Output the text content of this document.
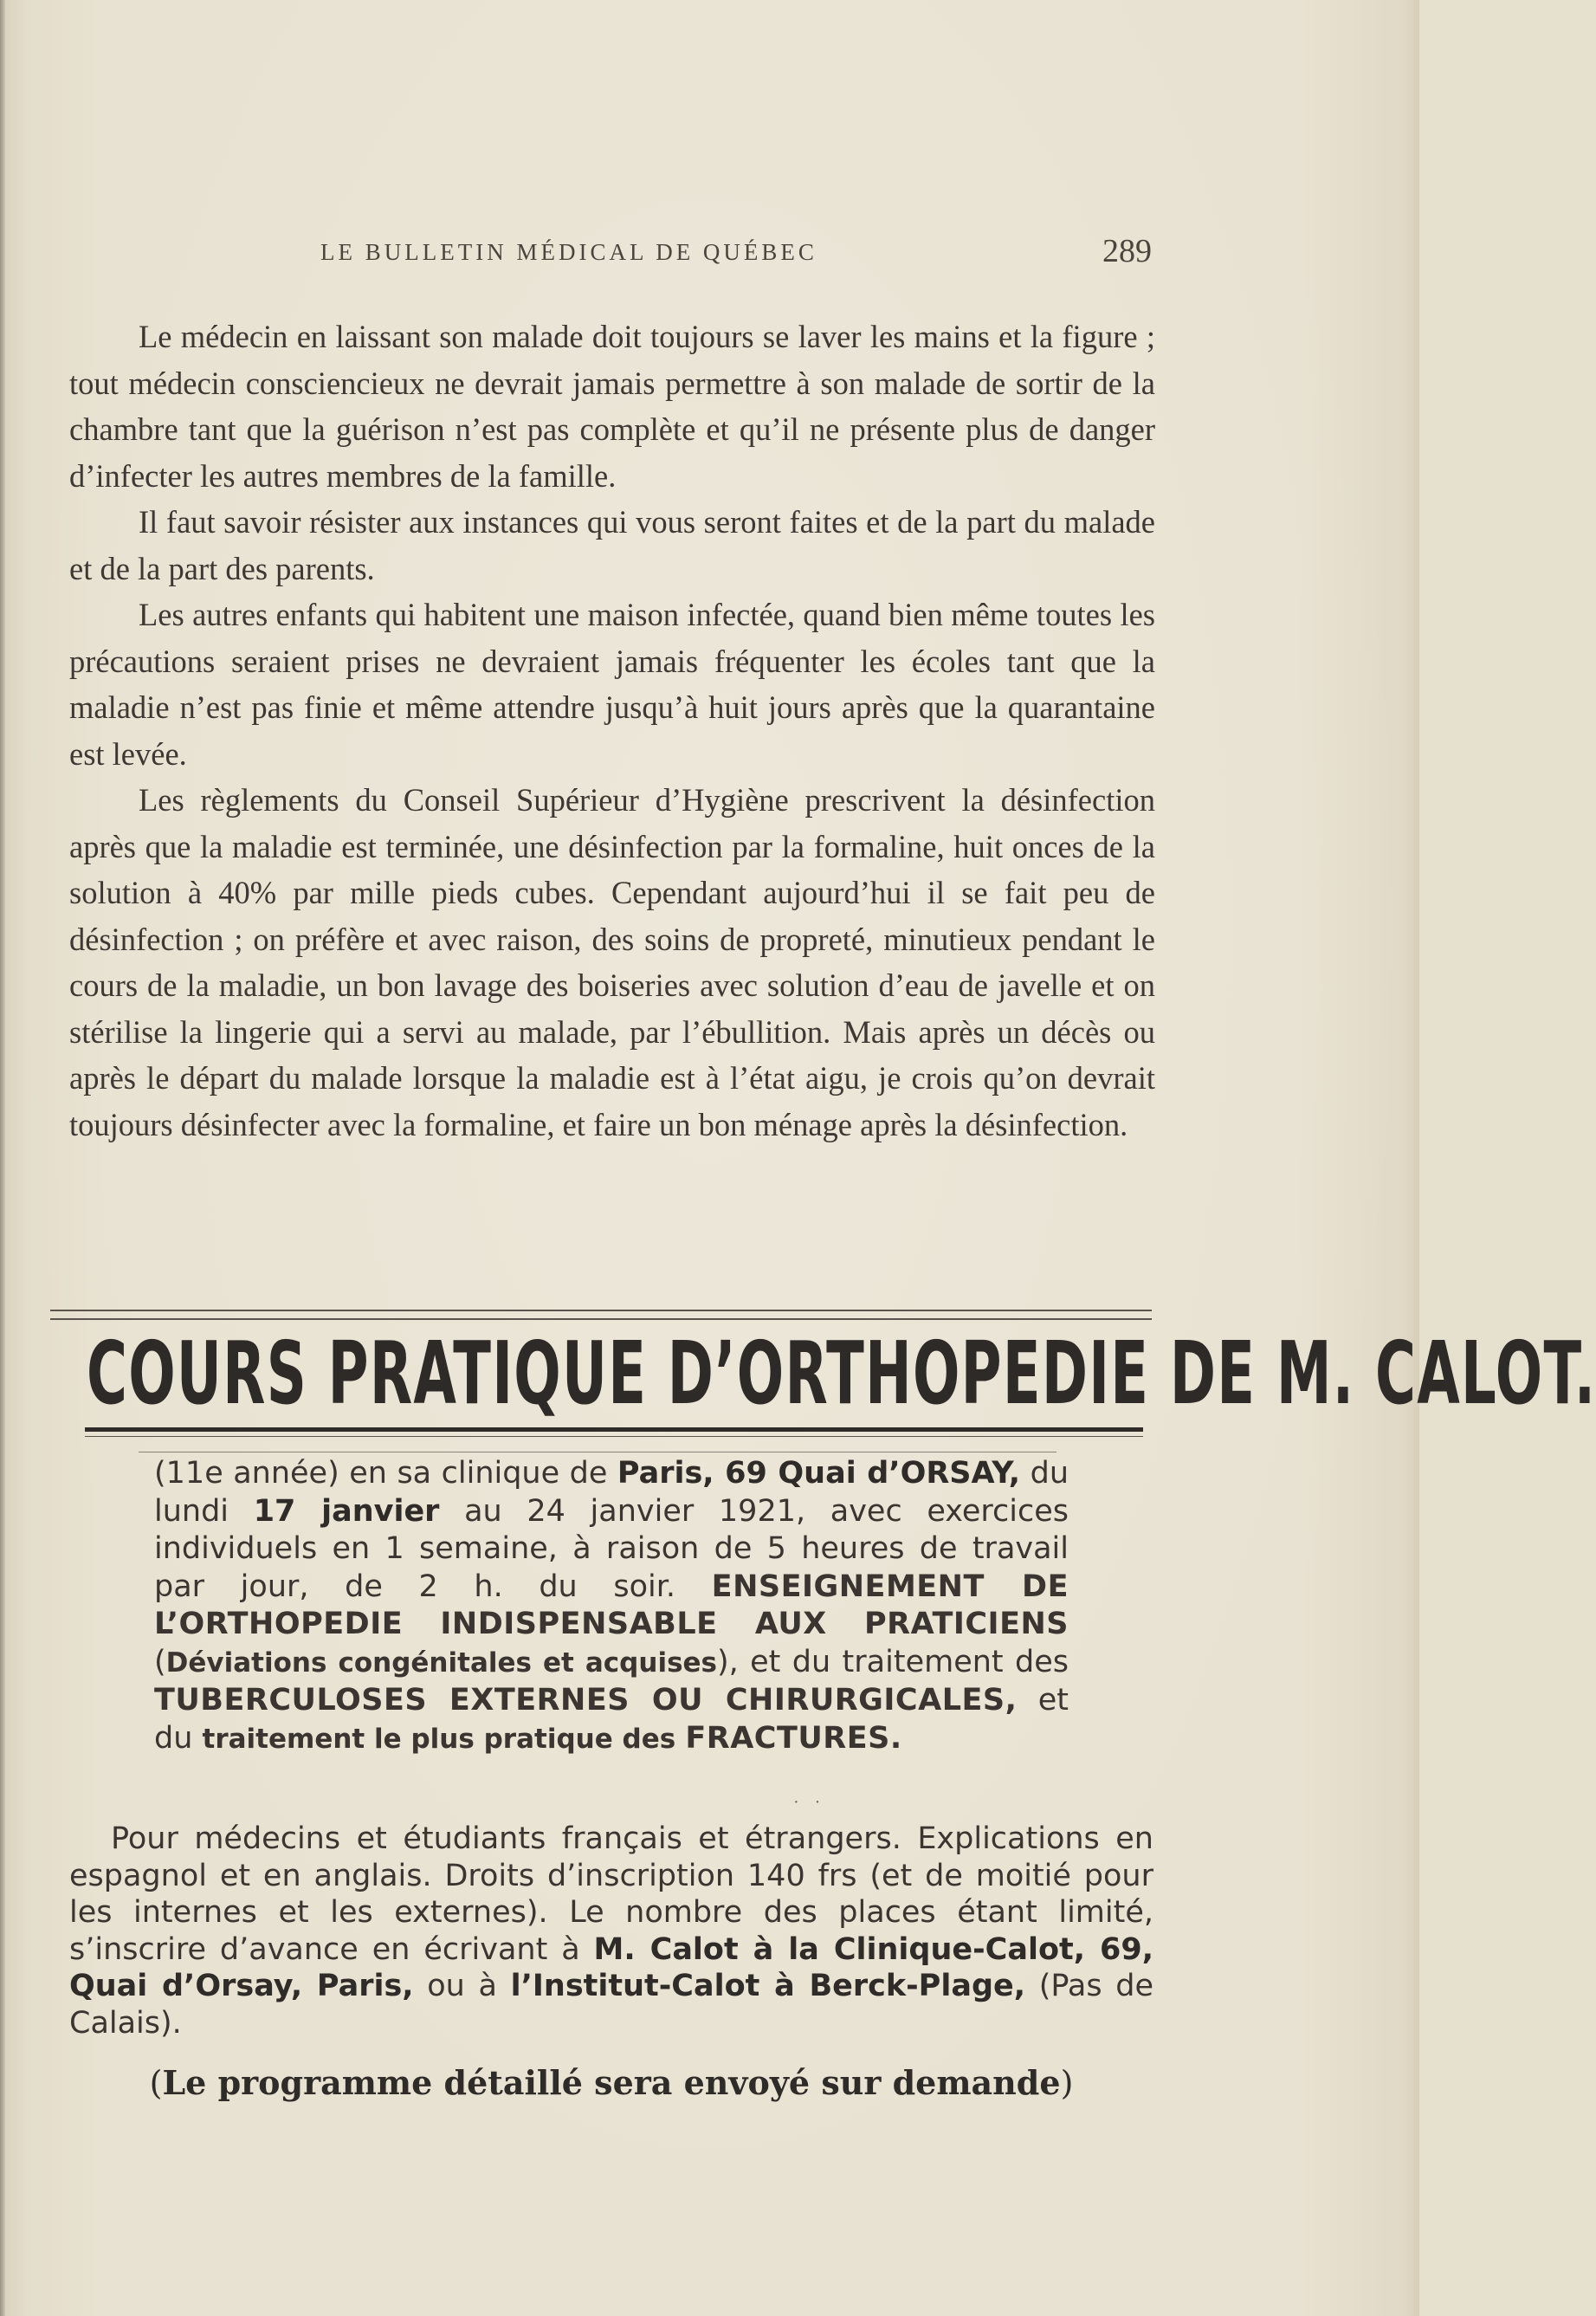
LE BULLETIN MÉDICAL DE QUÉBEC	289

Le médecin en laissant son malade doit toujours se laver les mains et la figure ; tout médecin consciencieux ne devrait jamais permettre à son malade de sortir de la chambre tant que la guérison n’est pas complète et qu’il ne présente plus de danger d’infecter les autres membres de la famille.

Il faut savoir résister aux instances qui vous seront faites et de la part du malade et de la part des parents.

Les autres enfants qui habitent une maison infectée, quand bien même toutes les précautions seraient prises ne devraient jamais fréquenter les écoles tant que la maladie n’est pas finie et même attendre jusqu’à huit jours après que la quarantaine est levée.

Les règlements du Conseil Supérieur d’Hygiène prescrivent la désinfection après que la maladie est terminée, une désinfection par la formaline, huit onces de la solution à 40% par mille pieds cubes. Cependant aujourd’hui il se fait peu de désinfection ; on préfère et avec raison, des soins de propreté, minutieux pendant le cours de la maladie, un bon lavage des boiseries avec solution d’eau de javelle et on stérilise la lingerie qui a servi au malade, par l’ébullition. Mais après un décès ou après le départ du malade lorsque la maladie est à l’état aigu, je crois qu’on devrait toujours désinfecter avec la formaline, et faire un bon ménage après la désinfection.

COURS PRATIQUE D’ORTHOPEDIE DE M. CALOT.
(11e année) en sa clinique de Paris, 69 Quai d’ORSAY, du lundi 17 janvier au 24 janvier 1921, avec exercices individuels en 1 semaine, à raison de 5 heures de travail par jour, de 2 h. du soir. ENSEIGNEMENT DE L’ORTHOPEDIE INDISPENSABLE AUX PRATICIENS (Déviations congénitales et acquises), et du traitement des TUBERCULOSES EXTERNES OU CHIRURGICALES, et du traitement le plus pratique des FRACTURES.
··

Pour médecins et étudiants français et étrangers. Explications en espagnol et en anglais. Droits d’inscription 140 frs (et de moitié pour les internes et les externes). Le nombre des places étant limité, s’inscrire d’avance en écrivant à M. Calot à la Clinique-Calot, 69, Quai d’Orsay, Paris, ou à l’Institut-Calot à Berck-Plage, (Pas de Calais).

(Le programme détaillé sera envoyé sur demande)
